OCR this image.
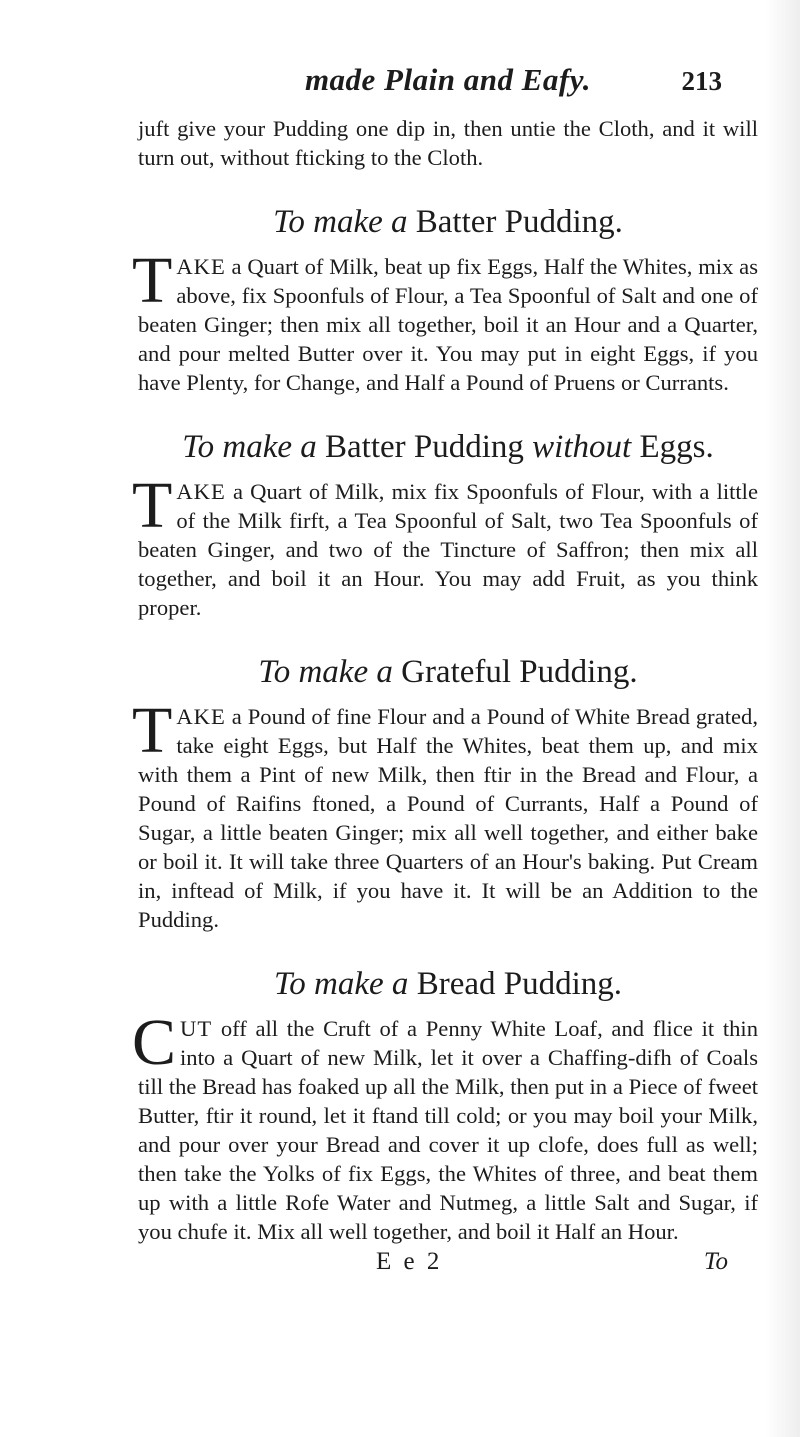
made Plain and Eafy.	213

juft give your Pudding one dip in, then untie the Cloth, and it will turn out, without fticking to the Cloth.

To make a Batter Pudding.

TAKE a Quart of Milk, beat up fix Eggs, Half the Whites, mix as above, fix Spoonfuls of Flour, a Tea Spoonful of Salt and one of beaten Ginger; then mix all together, boil it an Hour and a Quarter, and pour melted Butter over it. You may put in eight Eggs, if you have Plenty, for Change, and Half a Pound of Pruens or Currants.

To make a Batter Pudding without Eggs.

TAKE a Quart of Milk, mix fix Spoonfuls of Flour, with a little of the Milk firft, a Tea Spoonful of Salt, two Tea Spoonfuls of beaten Ginger, and two of the Tincture of Saffron; then mix all together, and boil it an Hour. You may add Fruit, as you think proper.

To make a Grateful Pudding.

TAKE a Pound of fine Flour and a Pound of White Bread grated, take eight Eggs, but Half the Whites, beat them up, and mix with them a Pint of new Milk, then ftir in the Bread and Flour, a Pound of Raifins ftoned, a Pound of Currants, Half a Pound of Sugar, a little beaten Ginger; mix all well together, and either bake or boil it. It will take three Quarters of an Hour's baking. Put Cream in, inftead of Milk, if you have it. It will be an Addition to the Pudding.

To make a Bread Pudding.

CUT off all the Cruft of a Penny White Loaf, and flice it thin into a Quart of new Milk, let it over a Chaffing-difh of Coals till the Bread has foaked up all the Milk, then put in a Piece of fweet Butter, ftir it round, let it ftand till cold; or you may boil your Milk, and pour over your Bread and cover it up clofe, does full as well; then take the Yolks of fix Eggs, the Whites of three, and beat them up with a little Rofe Water and Nutmeg, a little Salt and Sugar, if you chufe it. Mix all well together, and boil it Half an Hour.

E e 2	To
